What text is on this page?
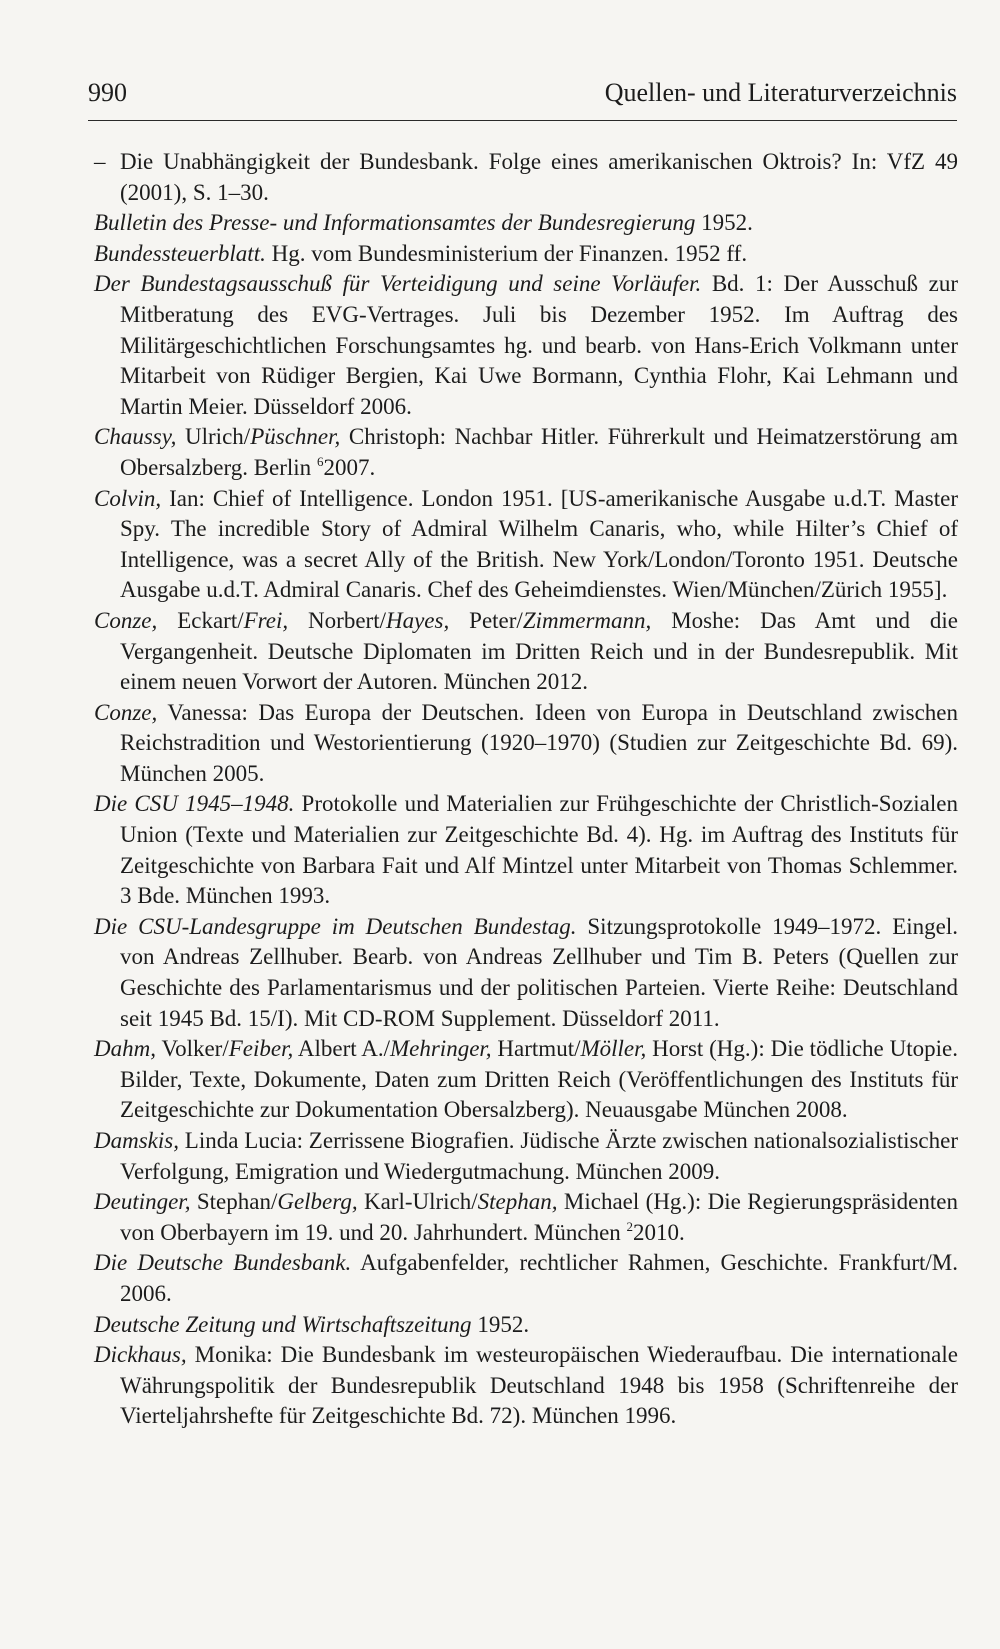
990	Quellen- und Literaturverzeichnis

– Die Unabhängigkeit der Bundesbank. Folge eines amerikanischen Oktrois? In: VfZ 49 (2001), S. 1–30.

Bulletin des Presse- und Informationsamtes der Bundesregierung 1952.

Bundessteuerblatt. Hg. vom Bundesministerium der Finanzen. 1952 ff.

Der Bundestagsausschuß für Verteidigung und seine Vorläufer. Bd. 1: Der Ausschuß zur Mitberatung des EVG-Vertrages. Juli bis Dezember 1952. Im Auftrag des Militärgeschichtlichen Forschungsamtes hg. und bearb. von Hans-Erich Volkmann unter Mitarbeit von Rüdiger Bergien, Kai Uwe Bormann, Cynthia Flohr, Kai Lehmann und Martin Meier. Düsseldorf 2006.

Chaussy, Ulrich/Püschner, Christoph: Nachbar Hitler. Führerkult und Heimatzerstörung am Obersalzberg. Berlin $^6$2007.

Colvin, Ian: Chief of Intelligence. London 1951. [US-amerikanische Ausgabe u.d.T. Master Spy. The incredible Story of Admiral Wilhelm Canaris, who, while Hilter’s Chief of Intelligence, was a secret Ally of the British. New York/London/Toronto 1951. Deutsche Ausgabe u.d.T. Admiral Canaris. Chef des Geheimdienstes. Wien/München/Zürich 1955].

Conze, Eckart/Frei, Norbert/Hayes, Peter/Zimmermann, Moshe: Das Amt und die Vergangenheit. Deutsche Diplomaten im Dritten Reich und in der Bundesrepublik. Mit einem neuen Vorwort der Autoren. München 2012.

Conze, Vanessa: Das Europa der Deutschen. Ideen von Europa in Deutschland zwischen Reichstradition und Westorientierung (1920–1970) (Studien zur Zeitgeschichte Bd. 69). München 2005.

Die CSU 1945–1948. Protokolle und Materialien zur Frühgeschichte der Christlich-Sozialen Union (Texte und Materialien zur Zeitgeschichte Bd. 4). Hg. im Auftrag des Instituts für Zeitgeschichte von Barbara Fait und Alf Mintzel unter Mitarbeit von Thomas Schlemmer. 3 Bde. München 1993.

Die CSU-Landesgruppe im Deutschen Bundestag. Sitzungsprotokolle 1949–1972. Eingel. von Andreas Zellhuber. Bearb. von Andreas Zellhuber und Tim B. Peters (Quellen zur Geschichte des Parlamentarismus und der politischen Parteien. Vierte Reihe: Deutschland seit 1945 Bd. 15/I). Mit CD-ROM Supplement. Düsseldorf 2011.

Dahm, Volker/Feiber, Albert A./Mehringer, Hartmut/Möller, Horst (Hg.): Die tödliche Utopie. Bilder, Texte, Dokumente, Daten zum Dritten Reich (Veröffentlichungen des Instituts für Zeitgeschichte zur Dokumentation Obersalzberg). Neuausgabe München 2008.

Damskis, Linda Lucia: Zerrissene Biografien. Jüdische Ärzte zwischen nationalsozialistischer Verfolgung, Emigration und Wiedergutmachung. München 2009.

Deutinger, Stephan/Gelberg, Karl-Ulrich/Stephan, Michael (Hg.): Die Regierungspräsidenten von Oberbayern im 19. und 20. Jahrhundert. München $^2$2010.

Die Deutsche Bundesbank. Aufgabenfelder, rechtlicher Rahmen, Geschichte. Frankfurt/M. 2006.

Deutsche Zeitung und Wirtschaftszeitung 1952.

Dickhaus, Monika: Die Bundesbank im westeuropäischen Wiederaufbau. Die internationale Währungspolitik der Bundesrepublik Deutschland 1948 bis 1958 (Schriftenreihe der Vierteljahrshefte für Zeitgeschichte Bd. 72). München 1996.
